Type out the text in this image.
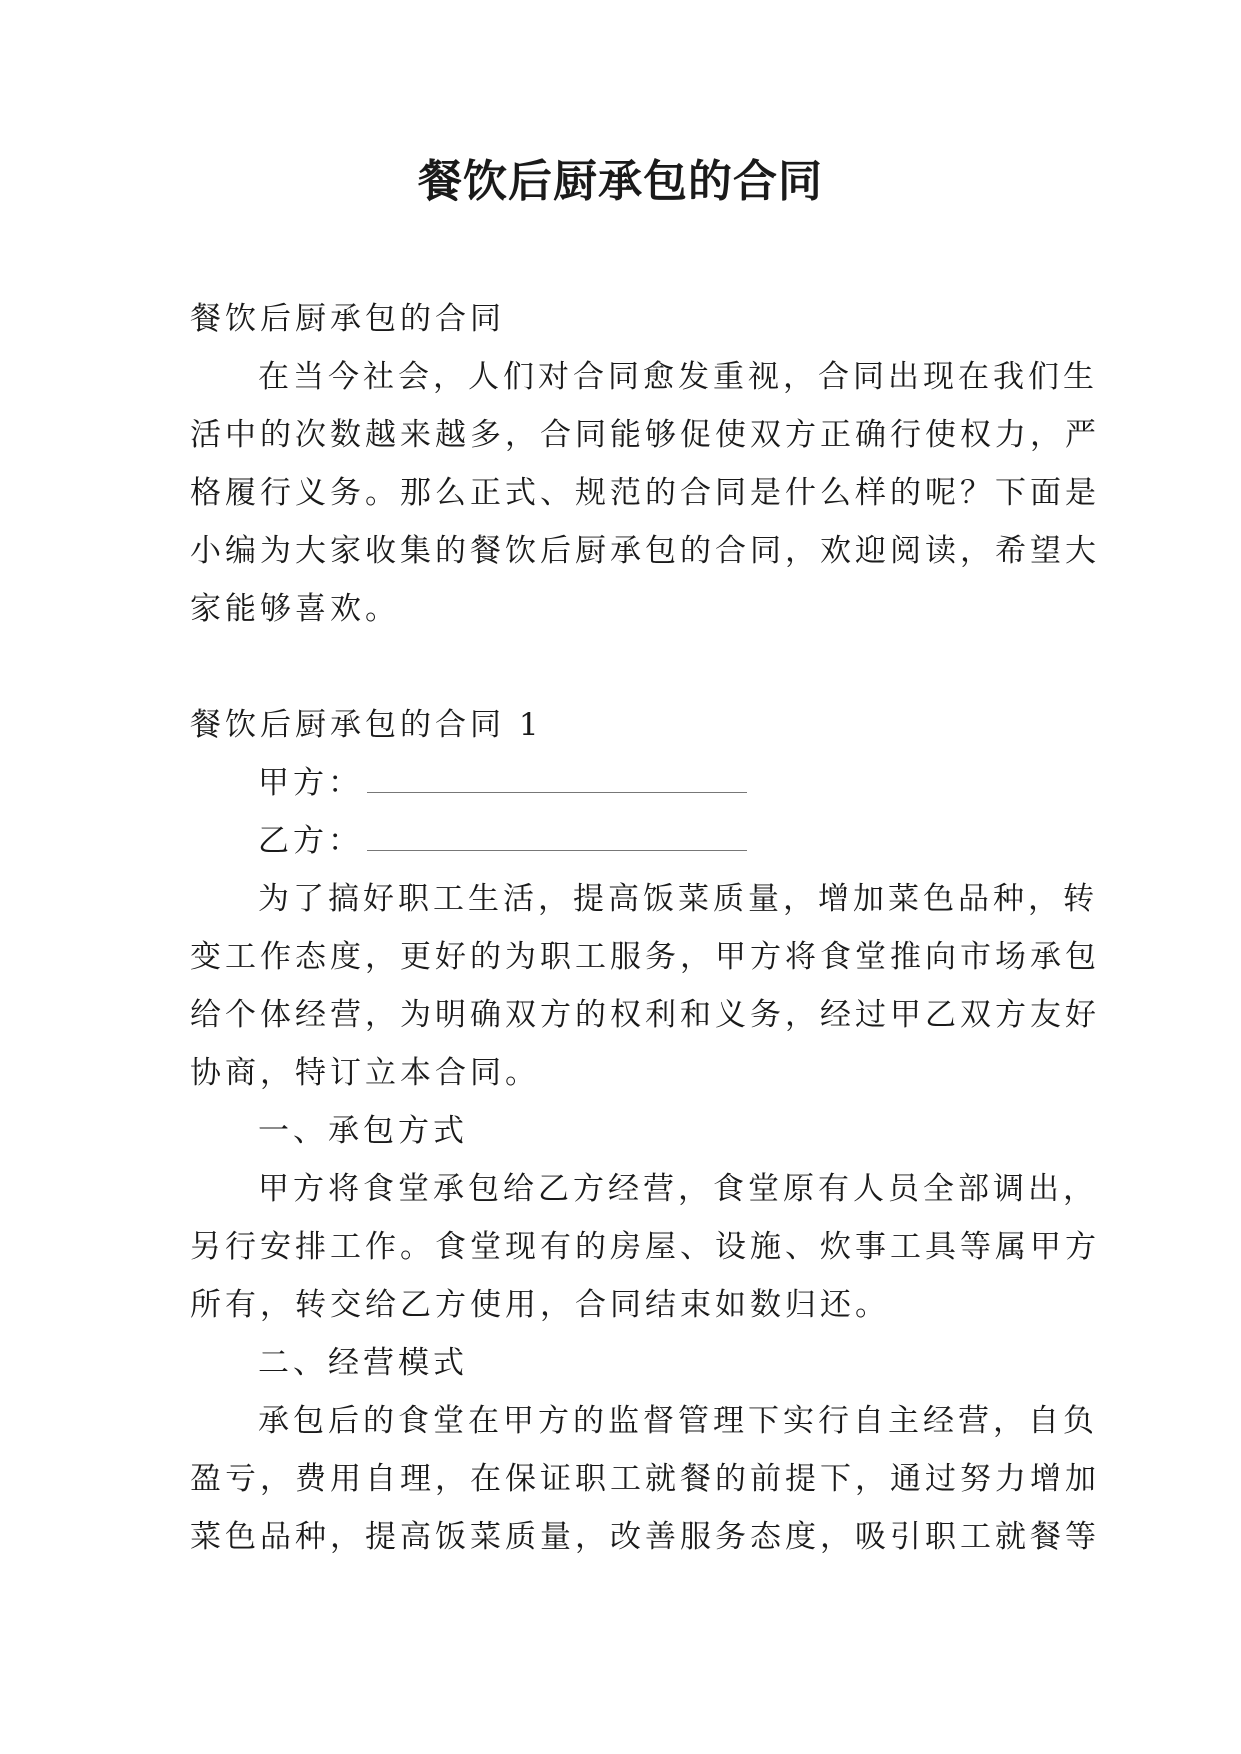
餐饮后厨承包的合同

餐饮后厨承包的合同

在当今社会，人们对合同愈发重视，合同出现在我们生

活中的次数越来越多，合同能够促使双方正确行使权力，严

格履行义务。那么正式、规范的合同是什么样的呢？下面是

小编为大家收集的餐饮后厨承包的合同，欢迎阅读，希望大

家能够喜欢。

餐饮后厨承包的合同 1

甲方：

乙方：

为了搞好职工生活，提高饭菜质量，增加菜色品种，转

变工作态度，更好的为职工服务，甲方将食堂推向市场承包

给个体经营，为明确双方的权利和义务，经过甲乙双方友好

协商，特订立本合同。

一、承包方式

甲方将食堂承包给乙方经营，食堂原有人员全部调出，

另行安排工作。食堂现有的房屋、设施、炊事工具等属甲方

所有，转交给乙方使用，合同结束如数归还。

二、经营模式

承包后的食堂在甲方的监督管理下实行自主经营，自负

盈亏，费用自理，在保证职工就餐的前提下，通过努力增加

菜色品种，提高饭菜质量，改善服务态度，吸引职工就餐等
